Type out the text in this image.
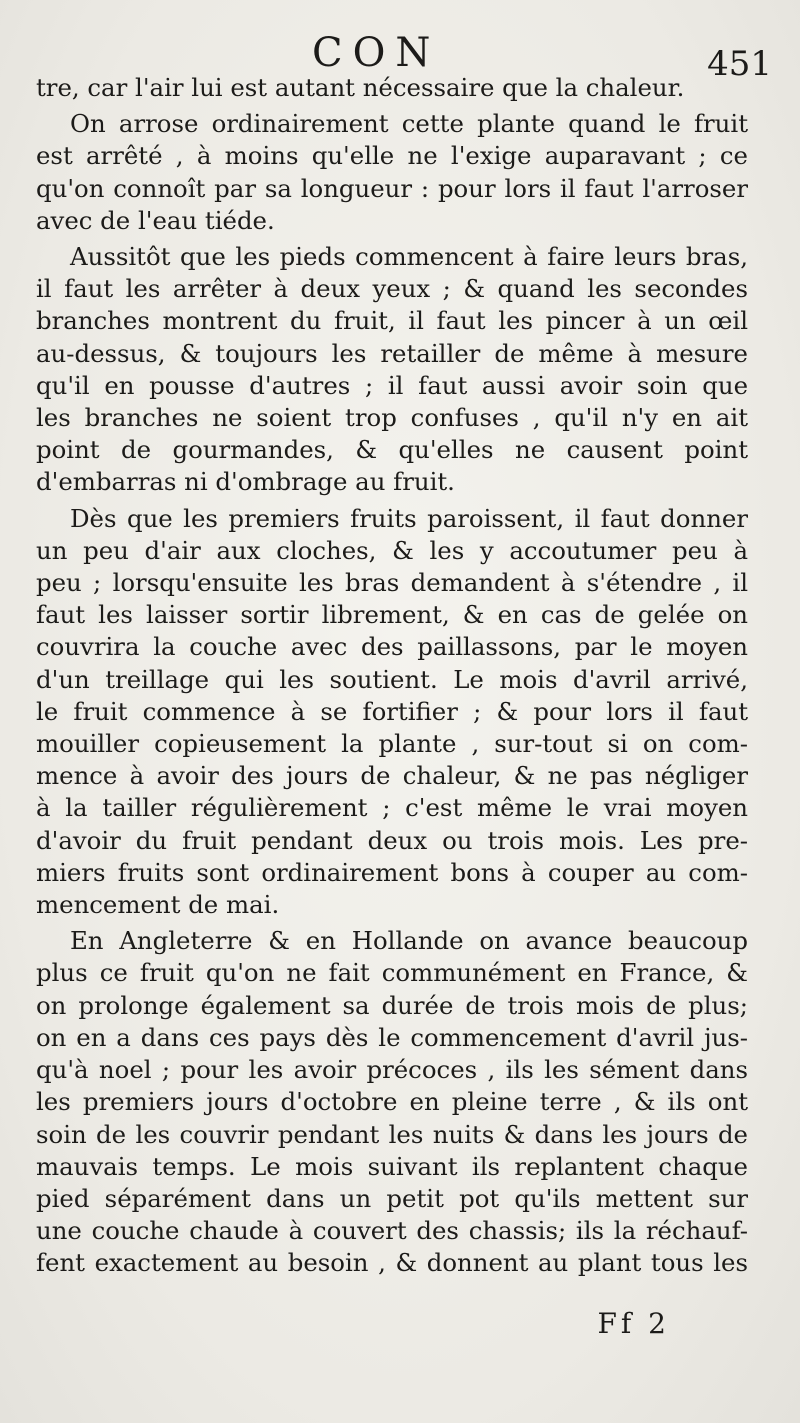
CON	451
tre, car l'air lui est autant nécessaire que la chaleur.
On arrose ordinairement cette plante quand le fruit
est arrêté , à moins qu'elle ne l'exige auparavant ; ce
qu'on connoît par sa longueur : pour lors il faut l'arroser
avec de l'eau tiéde.
Aussitôt que les pieds commencent à faire leurs bras,
il faut les arrêter à deux yeux ; & quand les secondes
branches montrent du fruit, il faut les pincer à un œil
au-dessus, & toujours les retailler de même à mesure
qu'il en pousse d'autres ; il faut aussi avoir soin que
les branches ne soient trop confuses , qu'il n'y en ait
point de gourmandes, & qu'elles ne causent point
d'embarras ni d'ombrage au fruit.
Dès que les premiers fruits paroissent, il faut donner
un peu d'air aux cloches, & les y accoutumer peu à
peu ; lorsqu'ensuite les bras demandent à s'étendre , il
faut les laisser sortir librement, & en cas de gelée on
couvrira la couche avec des paillassons, par le moyen
d'un treillage qui les soutient. Le mois d'avril arrivé,
le fruit commence à se fortifier ; & pour lors il faut
mouiller copieusement la plante , sur-tout si on com-
mence à avoir des jours de chaleur, & ne pas négliger
à la tailler régulièrement ; c'est même le vrai moyen
d'avoir du fruit pendant deux ou trois mois. Les pre-
miers fruits sont ordinairement bons à couper au com-
mencement de mai.
En Angleterre & en Hollande on avance beaucoup
plus ce fruit qu'on ne fait communément en France, &
on prolonge également sa durée de trois mois de plus;
on en a dans ces pays dès le commencement d'avril jus-
qu'à noel ; pour les avoir précoces , ils les sément dans
les premiers jours d'octobre en pleine terre , & ils ont
soin de les couvrir pendant les nuits & dans les jours de
mauvais temps. Le mois suivant ils replantent chaque
pied séparément dans un petit pot qu'ils mettent sur
une couche chaude à couvert des chassis; ils la réchauf-
fent exactement au besoin , & donnent au plant tous les
Ff 2
